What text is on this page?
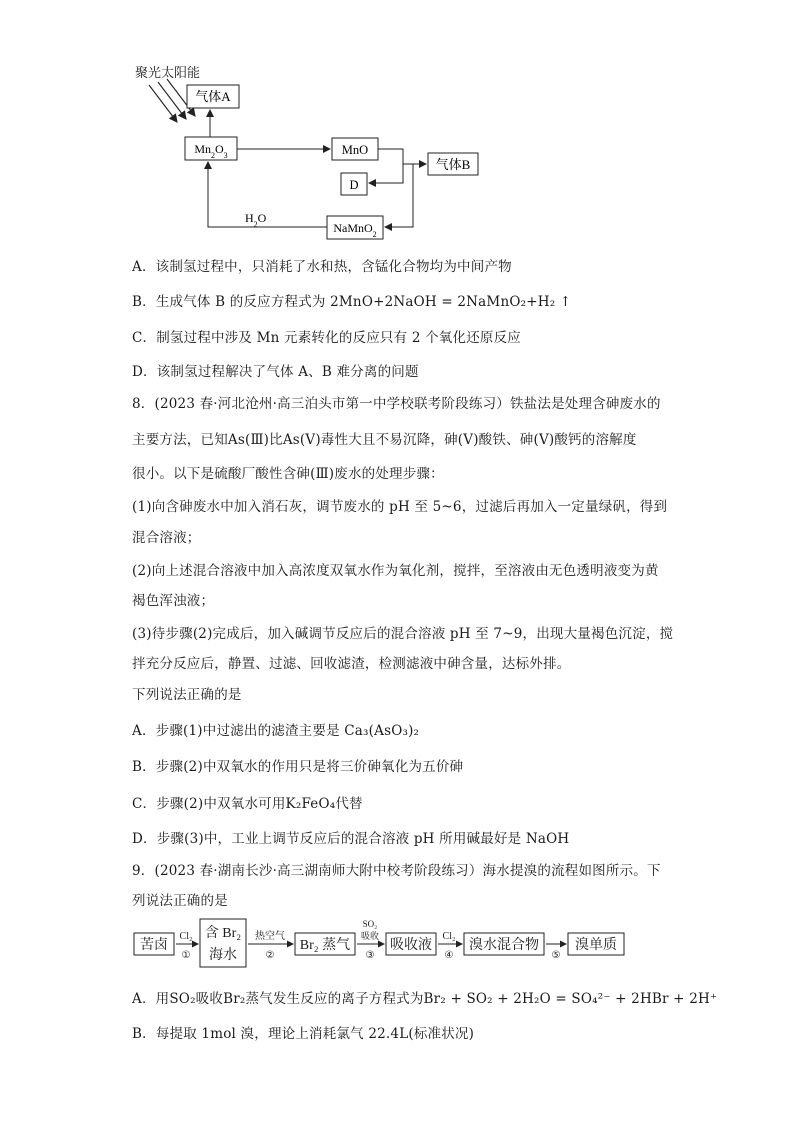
聚光太阳能
气体A
$Mn_2O_3$	MnO
气体B
D
NaMnO$_2$
$H_2O$
A．该制氢过程中，只消耗了水和热，含锰化合物均为中间产物
B．生成气体 B 的反应方程式为 2MnO+2NaOH = 2NaMnO₂+H₂ ↑
C．制氢过程中涉及 Mn 元素转化的反应只有 2 个氧化还原反应
D．该制氢过程解决了气体 A、B 难分离的问题
8．(2023 春·河北沧州·高三泊头市第一中学校联考阶段练习）铁盐法是处理含砷废水的
主要方法，已知As(Ⅲ)比As(Ⅴ)毒性大且不易沉降，砷(Ⅴ)酸铁、砷(Ⅴ)酸钙的溶解度
很小。以下是硫酸厂酸性含砷(Ⅲ)废水的处理步骤：
(1)向含砷废水中加入消石灰，调节废水的 pH 至 5~6，过滤后再加入一定量绿矾，得到
混合溶液；
(2)向上述混合溶液中加入高浓度双氧水作为氧化剂，搅拌，至溶液由无色透明液变为黄
褐色浑浊液；
(3)待步骤(2)完成后，加入碱调节反应后的混合溶液 pH 至 7~9，出现大量褐色沉淀，搅
拌充分反应后，静置、过滤、回收滤渣，检测滤液中砷含量，达标外排。
下列说法正确的是
A．步骤(1)中过滤出的滤渣主要是 Ca₃(AsO₃)₂
B．步骤(2)中双氧水的作用只是将三价砷氧化为五价砷
C．步骤(2)中双氧水可用K₂FeO₄代替
D．步骤(3)中，工业上调节反应后的混合溶液 pH 所用碱最好是 NaOH
9．(2023 春·湖南长沙·高三湖南师大附中校考阶段练习）海水提溴的流程如图所示。下
列说法正确的是
苦卤
Cl₂
①
含 Br₂
海水
热空气
②
Br₂ 蒸气
SO₂
吸收
③
吸收液
Cl₂
④
溴水混合物
⑤
溴单质
A．用SO₂吸收Br₂蒸气发生反应的离子方程式为Br₂ + SO₂ + 2H₂O = SO₄²⁻ + 2HBr + 2H⁺
B．每提取 1mol 溴，理论上消耗氯气 22.4L(标准状况)
